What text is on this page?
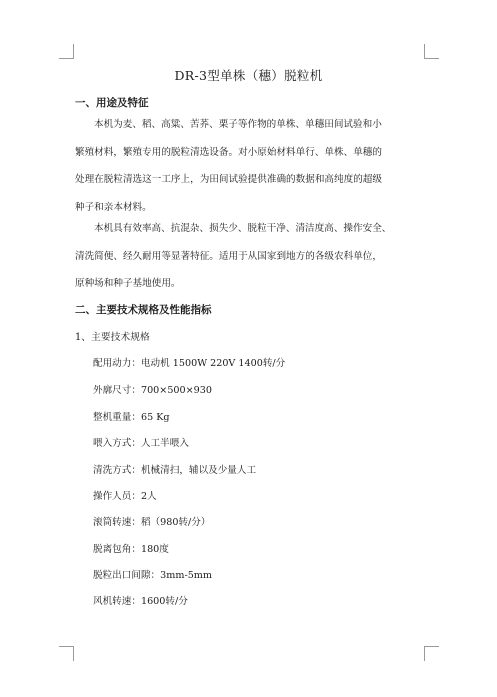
DR-3型单株（穗）脱粒机
一、用途及特征
本机为麦、稻、高粱、苦荞、栗子等作物的单株、单穗田间试验和小
繁殖材料，繁殖专用的脱粒清选设备。对小原始材料单行、单株、单穗的
处理在脱粒清选这一工序上，为田间试验提供准确的数据和高纯度的超级
种子和亲本材料。
本机具有效率高、抗混杂、损失少、脱粒干净、清洁度高、操作安全、
清洗简便、经久耐用等显著特征。适用于从国家到地方的各级农科单位，
原种场和种子基地使用。
二、主要技术规格及性能指标
1、主要技术规格
配用动力：电动机 1500W 220V 1400转/分
外廓尺寸：700×500×930
整机重量：65 Kg
喂入方式：人工半喂入
清洗方式：机械清扫，辅以及少量人工
操作人员：2人
滚筒转速：稻（980转/分）
脱离包角：180度
脱粒出口间隙：3mm-5mm
风机转速：1600转/分
